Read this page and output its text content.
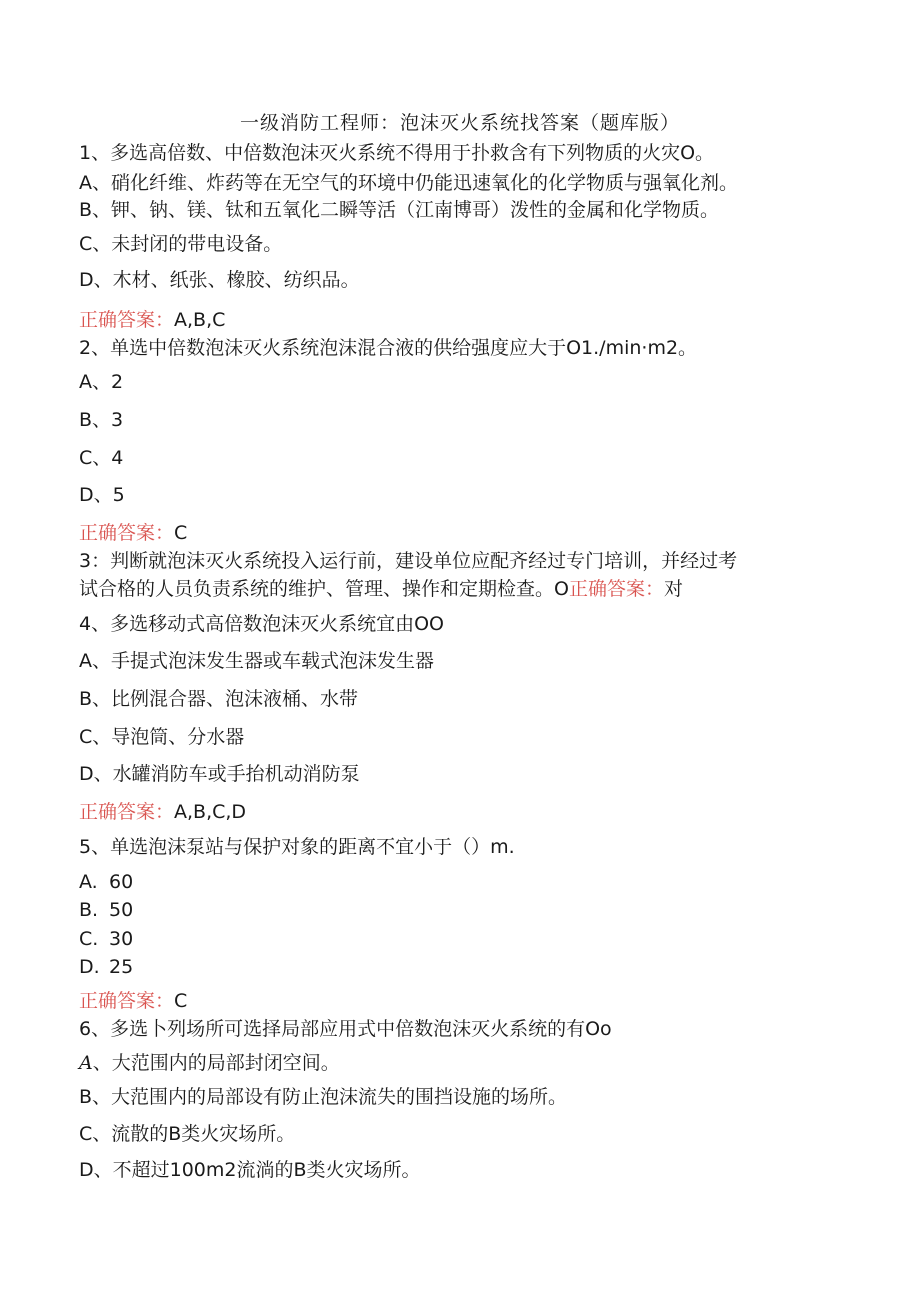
一级消防工程师：泡沫灭火系统找答案（题库版）
1、多选高倍数、中倍数泡沫灭火系统不得用于扑救含有下列物质的火灾O。
A、硝化纤维、炸药等在无空气的环境中仍能迅速氧化的化学物质与强氧化剂。
B、钾、钠、镁、钛和五氧化二瞬等活（江南博哥）泼性的金属和化学物质。
C、未封闭的带电设备。
D、木材、纸张、橡胶、纺织品。
正确答案：A,B,C
2、单选中倍数泡沫灭火系统泡沫混合液的供给强度应大于O1./min·m2。
A、2
B、3
C、4
D、5
正确答案：C
3：判断就泡沫灭火系统投入运行前，建设单位应配齐经过专门培训，并经过考
试合格的人员负责系统的维护、管理、操作和定期检查。O正确答案：对
4、多选移动式高倍数泡沫灭火系统宜由OO
A、手提式泡沫发生器或车载式泡沫发生器
B、比例混合器、泡沫液桶、水带
C、导泡筒、分水器
D、水罐消防车或手抬机动消防泵
正确答案：A,B,C,D
5、单选泡沫泵站与保护对象的距离不宜小于（）m.
A. 60
B. 50
C. 30
D. 25
正确答案：C
6、多选卜列场所可选择局部应用式中倍数泡沫灭火系统的有Oo
A、大范围内的局部封闭空间。
B、大范围内的局部设有防止泡沫流失的围挡设施的场所。
C、流散的B类火灾场所。
D、不超过100m2流淌的B类火灾场所。
